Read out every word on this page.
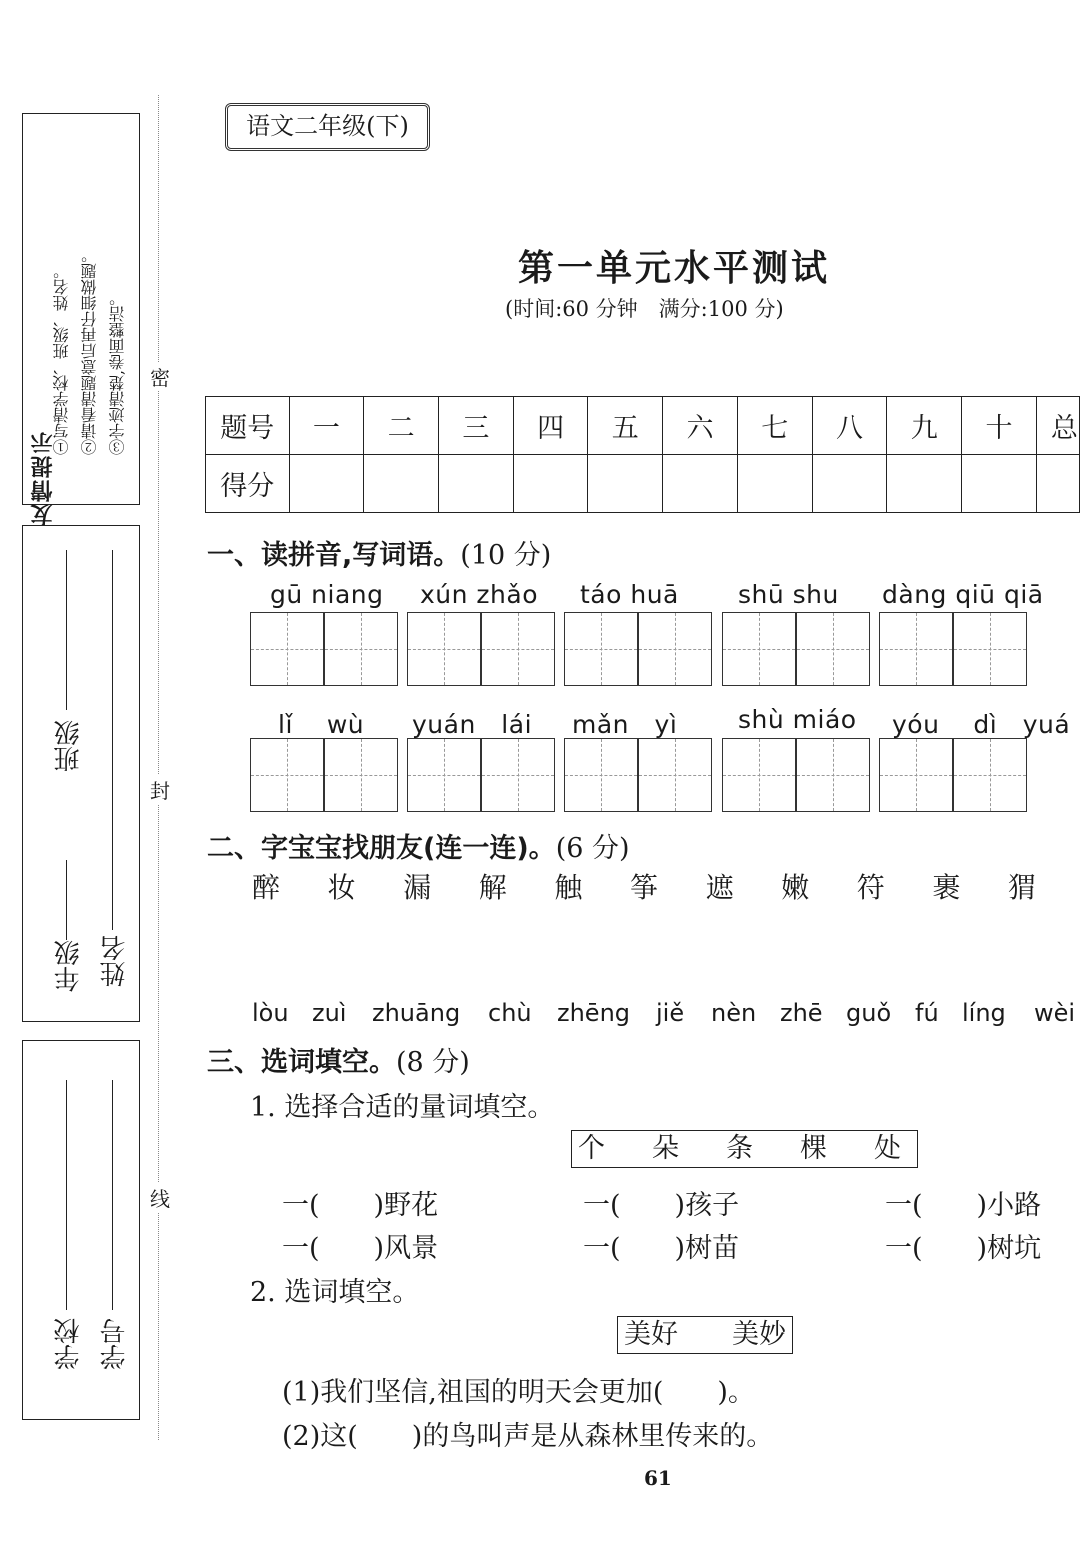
友情提示
①写清学校、班级、姓名。 ②请看清题意后再仔细做题。 ③字迹清楚,卷面整洁。
年级
班级
姓名
学校 学号
密
封
线
语文二年级(下)
第一单元水平测试
(时间:60 分钟　满分:100 分)
题号	一	二	三	四	五	六	七	八	九	十	总
得分											
一、读拼音,写词语。(10 分)
gū niang xún zhǎo táo huā shū shu dàng qiū qiā
lǐ　 wù yuán　lái mǎn　yì shù miáo yóu　 dì　yuá
二、字宝宝找朋友(连一连)。(6 分)
醉 妆 漏 解 触 筝 遮 嫩 符 裹 猬
lòu zuì zhuāng chù zhēng jiě nèn zhē guǒ fú líng wèi
三、选词填空。(8 分)
1. 选择合适的量词填空。
个　朵　条　棵　处
一(　　)野花	一(　　)孩子	一(　　)小路
一(　　)风景	一(　　)树苗	一(　　)树坑
2. 选词填空。
美好　　美妙
(1)我们坚信,祖国的明天会更加(　　)。
(2)这(　　)的鸟叫声是从森林里传来的。
61
